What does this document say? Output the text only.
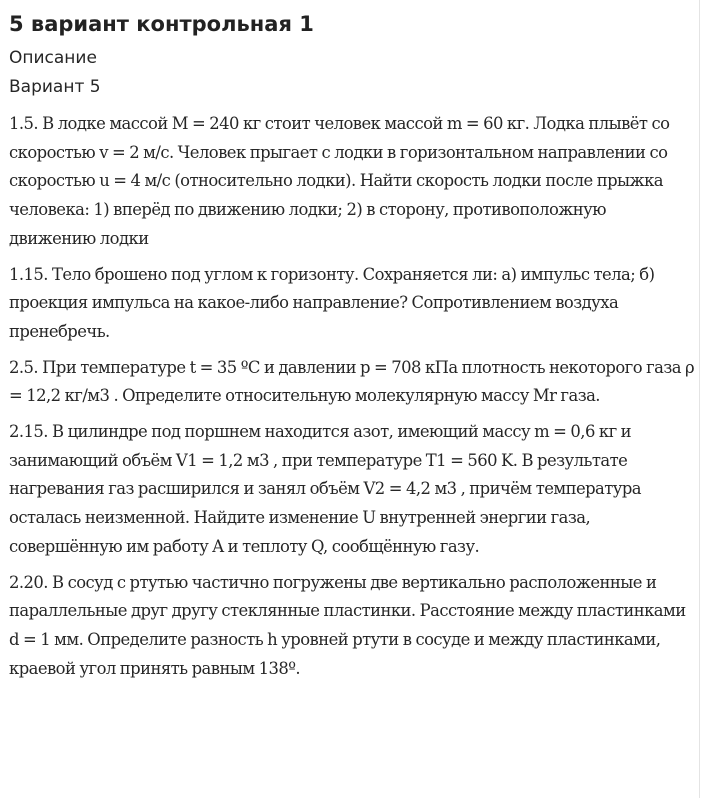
5 вариант контрольная 1

Описание

Вариант 5

1.5. В лодке массой M = 240 кг стоит человек массой m = 60 кг. Лодка плывёт со скоростью v = 2 м/с. Человек прыгает с лодки в горизонтальном направлении со скоростью u = 4 м/с (относительно лодки). Найти скорость лодки после прыжка человека: 1) вперёд по движению лодки; 2) в сторону, противоположную движению лодки

1.15. Тело брошено под углом к горизонту. Сохраняется ли: а) импульс тела; б) проекция импульса на какое-либо направление? Сопротивлением воздуха пренебречь.

2.5. При температуре t = 35 ºC и давлении p = 708 кПа плотность некоторого газа ρ = 12,2 кг/м3 . Определите относительную молекулярную массу Mr газа.

2.15. В цилиндре под поршнем находится азот, имеющий массу m = 0,6 кг и занимающий объём V1 = 1,2 м3 , при температуре T1 = 560 K. В результате нагревания газ расширился и занял объём V2 = 4,2 м3 , причём температура осталась неизменной. Найдите изменение U внутренней энергии газа, совершённую им работу A и теплоту Q, сообщённую газу.

2.20. В сосуд с ртутью частично погружены две вертикально расположенные и параллельные друг другу стеклянные пластинки. Расстояние между пластинками d = 1 мм. Определите разность h уровней ртути в сосуде и между пластинками, краевой угол принять равным 138º.
